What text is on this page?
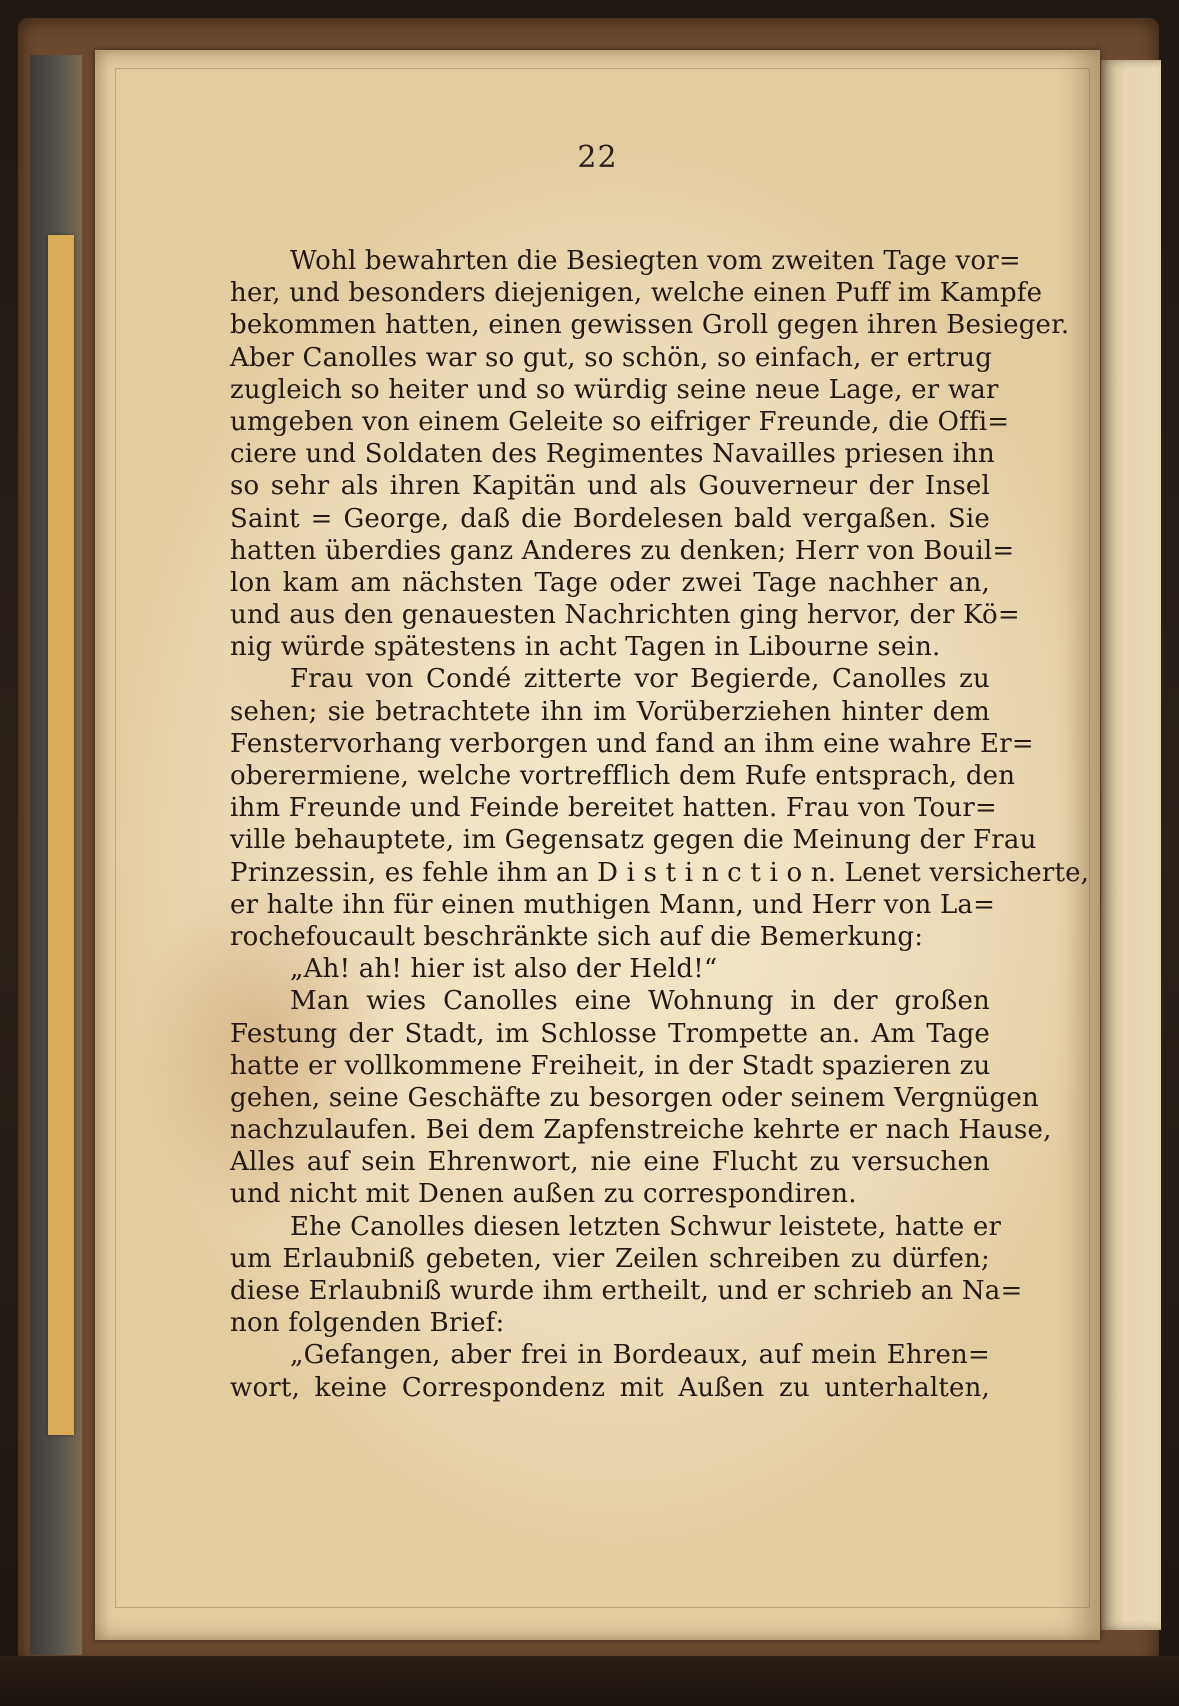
22
Wohl bewahrten die Besiegten vom zweiten Tage vor=
her, und besonders diejenigen, welche einen Puff im Kampfe
bekommen hatten, einen gewissen Groll gegen ihren Besieger.
Aber Canolles war so gut, so schön, so einfach, er ertrug
zugleich so heiter und so würdig seine neue Lage, er war
umgeben von einem Geleite so eifriger Freunde, die Offi=
ciere und Soldaten des Regimentes Navailles priesen ihn
so sehr als ihren Kapitän und als Gouverneur der Insel
Saint = George, daß die Bordelesen bald vergaßen. Sie
hatten überdies ganz Anderes zu denken; Herr von Bouil=
lon kam am nächsten Tage oder zwei Tage nachher an,
und aus den genauesten Nachrichten ging hervor, der Kö=
nig würde spätestens in acht Tagen in Libourne sein.
Frau von Condé zitterte vor Begierde, Canolles zu
sehen; sie betrachtete ihn im Vorüberziehen hinter dem
Fenstervorhang verborgen und fand an ihm eine wahre Er=
oberermiene, welche vortrefflich dem Rufe entsprach, den
ihm Freunde und Feinde bereitet hatten. Frau von Tour=
ville behauptete, im Gegensatz gegen die Meinung der Frau
Prinzessin, es fehle ihm an D i s t i n c t i o n. Lenet versicherte,
er halte ihn für einen muthigen Mann, und Herr von La=
rochefoucault beschränkte sich auf die Bemerkung:
„Ah! ah! hier ist also der Held!“
Man wies Canolles eine Wohnung in der großen
Festung der Stadt, im Schlosse Trompette an. Am Tage
hatte er vollkommene Freiheit, in der Stadt spazieren zu
gehen, seine Geschäfte zu besorgen oder seinem Vergnügen
nachzulaufen. Bei dem Zapfenstreiche kehrte er nach Hause,
Alles auf sein Ehrenwort, nie eine Flucht zu versuchen
und nicht mit Denen außen zu correspondiren.
Ehe Canolles diesen letzten Schwur leistete, hatte er
um Erlaubniß gebeten, vier Zeilen schreiben zu dürfen;
diese Erlaubniß wurde ihm ertheilt, und er schrieb an Na=
non folgenden Brief:
„Gefangen, aber frei in Bordeaux, auf mein Ehren=
wort, keine Correspondenz mit Außen zu unterhalten,
